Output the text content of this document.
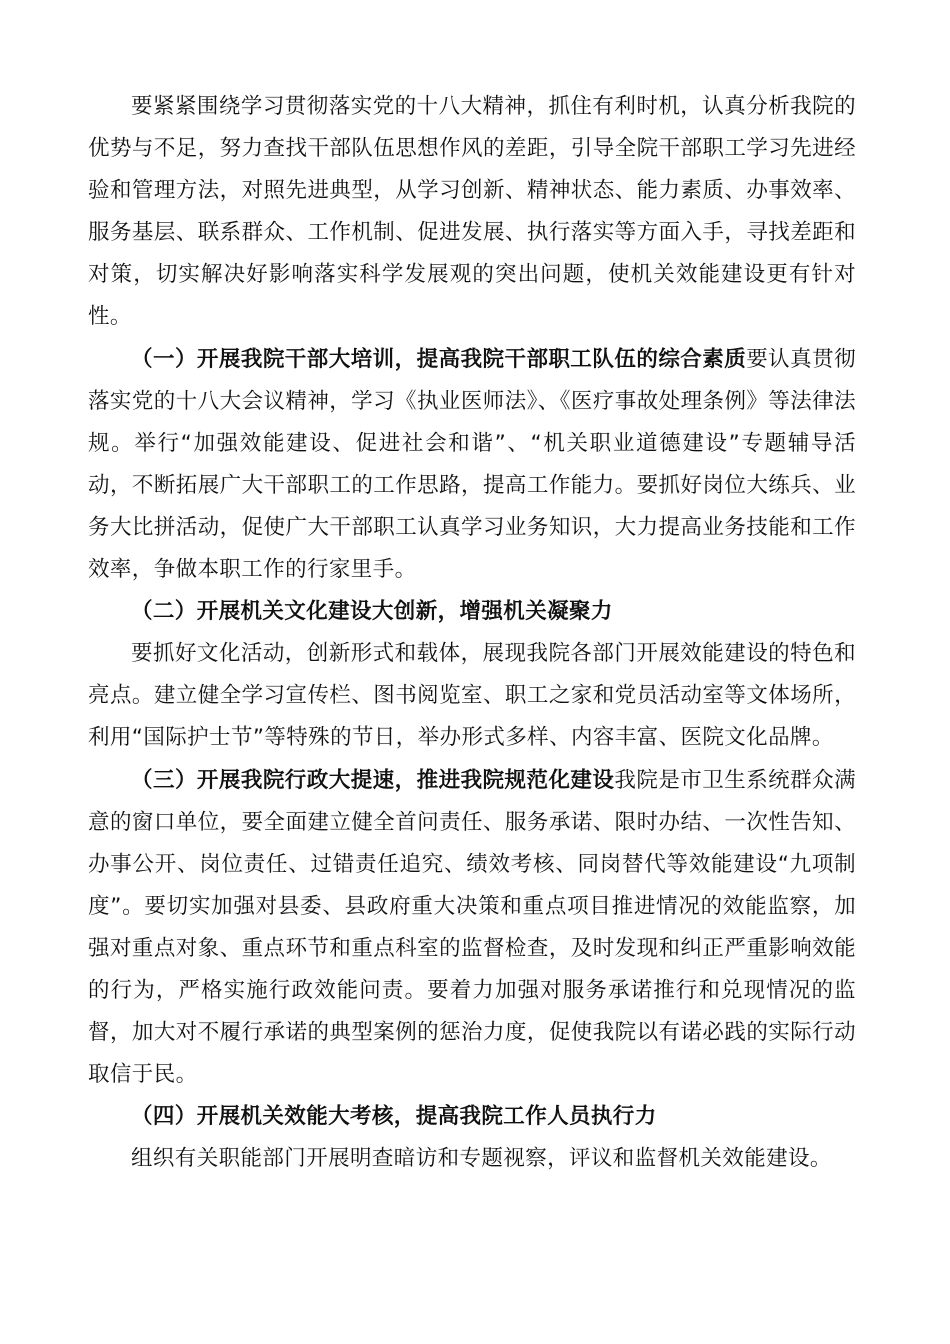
要紧紧围绕学习贯彻落实党的十八大精神，抓住有利时机，认真分析我院的优势与不足，努力查找干部队伍思想作风的差距，引导全院干部职工学习先进经验和管理方法，对照先进典型，从学习创新、精神状态、能力素质、办事效率、服务基层、联系群众、工作机制、促进发展、执行落实等方面入手，寻找差距和对策，切实解决好影响落实科学发展观的突出问题，使机关效能建设更有针对性。

（一）开展我院干部大培训，提高我院干部职工队伍的综合素质要认真贯彻落实党的十八大会议精神，学习《执业医师法》、《医疗事故处理条例》等法律法规。举行“加强效能建设、促进社会和谐”、“机关职业道德建设”专题辅导活动，不断拓展广大干部职工的工作思路，提高工作能力。要抓好岗位大练兵、业务大比拼活动，促使广大干部职工认真学习业务知识，大力提高业务技能和工作效率，争做本职工作的行家里手。

（二）开展机关文化建设大创新，增强机关凝聚力

要抓好文化活动，创新形式和载体，展现我院各部门开展效能建设的特色和亮点。建立健全学习宣传栏、图书阅览室、职工之家和党员活动室等文体场所，利用“国际护士节”等特殊的节日，举办形式多样、内容丰富、医院文化品牌。

（三）开展我院行政大提速，推进我院规范化建设我院是市卫生系统群众满意的窗口单位，要全面建立健全首问责任、服务承诺、限时办结、一次性告知、办事公开、岗位责任、过错责任追究、绩效考核、同岗替代等效能建设“九项制度”。要切实加强对县委、县政府重大决策和重点项目推进情况的效能监察，加强对重点对象、重点环节和重点科室的监督检查，及时发现和纠正严重影响效能的行为，严格实施行政效能问责。要着力加强对服务承诺推行和兑现情况的监督，加大对不履行承诺的典型案例的惩治力度，促使我院以有诺必践的实际行动取信于民。

（四）开展机关效能大考核，提高我院工作人员执行力

组织有关职能部门开展明查暗访和专题视察，评议和监督机关效能建设。
